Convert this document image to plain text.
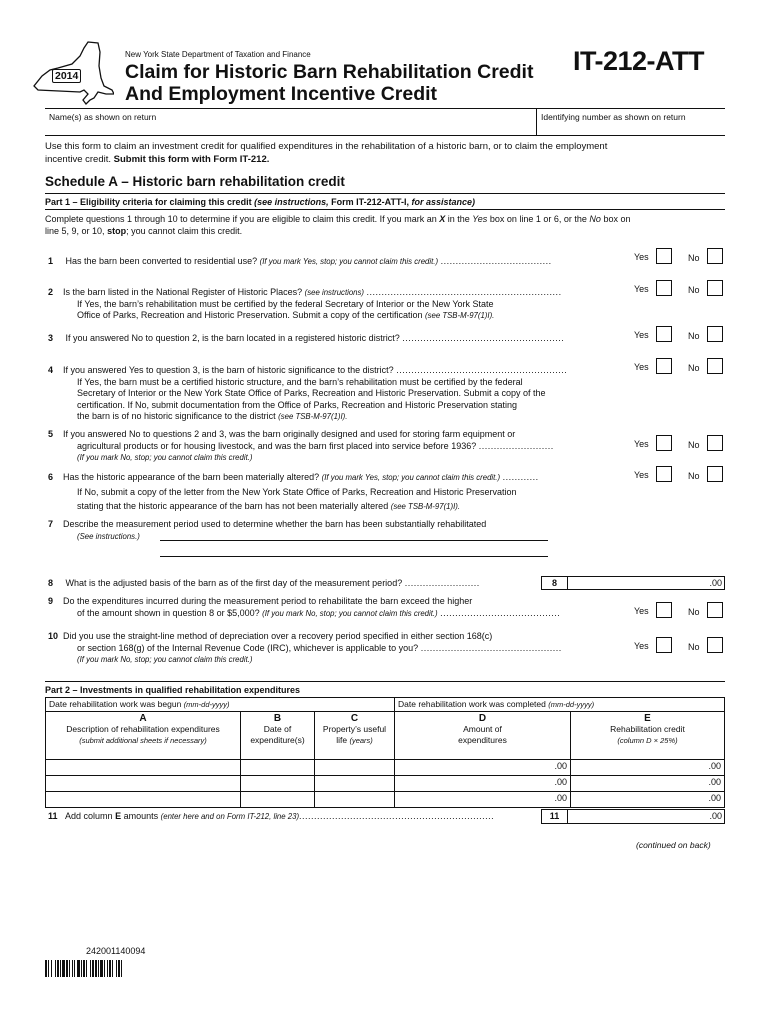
2014
New York State Department of Taxation and Finance
Claim for Historic Barn Rehabilitation Credit
And Employment Incentive Credit
IT-212-ATT
Name(s) as shown on return	Identifying number as shown on return
Use this form to claim an investment credit for qualified expenditures in the rehabilitation of a historic barn, or to claim the employment incentive credit. Submit this form with Form IT-212.
Schedule A – Historic barn rehabilitation credit
Part 1 – Eligibility criteria for claiming this credit (see instructions, Form IT-212-ATT-I, for assistance)
Complete questions 1 through 10 to determine if you are eligible to claim this credit. If you mark an X in the Yes box on line 1 or 6, or the No box on line 5, 9, or 10, stop; you cannot claim this credit.
1 Has the barn been converted to residential use? (If you mark Yes, stop; you cannot claim this credit.) .....................................
2 Is the barn listed in the National Register of Historic Places? (see instructions) .................................................................
If Yes, the barn’s rehabilitation must be certified by the federal Secretary of Interior or the New York State
Office of Parks, Recreation and Historic Preservation. Submit a copy of the certification (see TSB-M-97(1)I).
3 If you answered No to question 2, is the barn located in a registered historic district? ......................................................
4 If you answered Yes to question 3, is the barn of historic significance to the district? .........................................................
If Yes, the barn must be a certified historic structure, and the barn’s rehabilitation must be certified by the federal
Secretary of Interior or the New York State Office of Parks, Recreation and Historic Preservation. Submit a copy of the
certification. If No, submit documentation from the Office of Parks, Recreation and Historic Preservation stating
the barn is of no historic significance to the district (see TSB-M-97(1)I).
5 If you answered No to questions 2 and 3, was the barn originally designed and used for storing farm equipment or
agricultural products or for housing livestock, and was the barn first placed into service before 1936? .........................
(If you mark No, stop; you cannot claim this credit.)
6 Has the historic appearance of the barn been materially altered? (If you mark Yes, stop; you cannot claim this credit.) ............
If No, submit a copy of the letter from the New York State Office of Parks, Recreation and Historic Preservation
stating that the historic appearance of the barn has not been materially altered (see TSB-M-97(1)I).
7 Describe the measurement period used to determine whether the barn has been substantially rehabilitated
(See instructions.)
8 What is the adjusted basis of the barn as of the first day of the measurement period? .........................	8	.00
9 Do the expenditures incurred during the measurement period to rehabilitate the barn exceed the higher
of the amount shown in question 8 or $5,000? (If you mark No, stop; you cannot claim this credit.) ........................................
10 Did you use the straight-line method of depreciation over a recovery period specified in either section 168(c)
or section 168(g) of the Internal Revenue Code (IRC), whichever is applicable to you? ...............................................
(If you mark No, stop; you cannot claim this credit.)
Yes	No
Yes	No
Yes	No
Yes	No
Yes	No
Yes	No
Yes	No
Yes	No
Part 2 – Investments in qualified rehabilitation expenditures
Date rehabilitation work was begun (mm-dd-yyyy)			Date rehabilitation work was completed (mm-dd-yyyy)	

A
Description of rehabilitation expenditures
(submit additional sheets if necessary)	B
Date of
expenditure(s)	C
Property’s useful
life (years)	D
Amount of
expenditures	E
Rehabilitation credit
(column D × 25%)
			.00	.00
			.00	.00
			.00	.00
11 Add column E amounts (enter here and on Form IT-212, line 23).................................................................	11	.00
(continued on back)
242001140094
